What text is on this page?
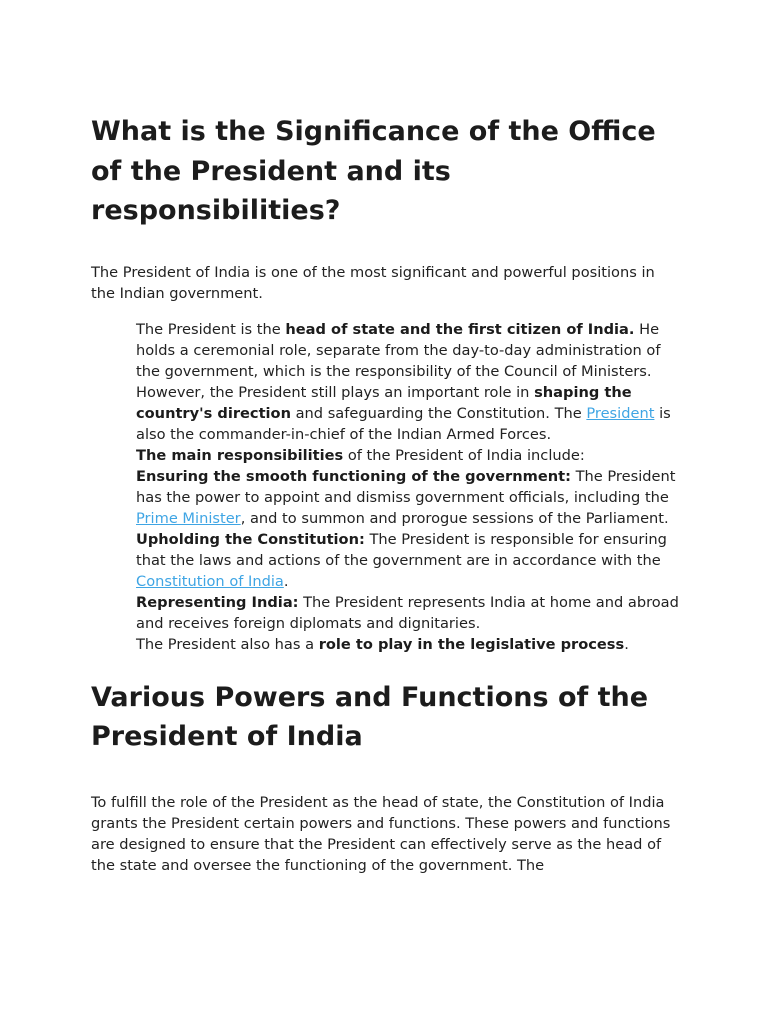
What is the Significance of the Office of the President and its responsibilities?

The President of India is one of the most significant and powerful positions in the Indian government.

The President is the head of state and the first citizen of India. He holds a ceremonial role, separate from the day-to-day administration of the government, which is the responsibility of the Council of Ministers.

However, the President still plays an important role in shaping the country's direction and safeguarding the Constitution. The President is also the commander-in-chief of the Indian Armed Forces.

The main responsibilities of the President of India include:

Ensuring the smooth functioning of the government: The President has the power to appoint and dismiss government officials, including the Prime Minister, and to summon and prorogue sessions of the Parliament.

Upholding the Constitution: The President is responsible for ensuring that the laws and actions of the government are in accordance with the Constitution of India.

Representing India: The President represents India at home and abroad and receives foreign diplomats and dignitaries.

The President also has a role to play in the legislative process.

Various Powers and Functions of the President of India

To fulfill the role of the President as the head of state, the Constitution of India grants the President certain powers and functions. These powers and functions are designed to ensure that the President can effectively serve as the head of the state and oversee the functioning of the government. The
